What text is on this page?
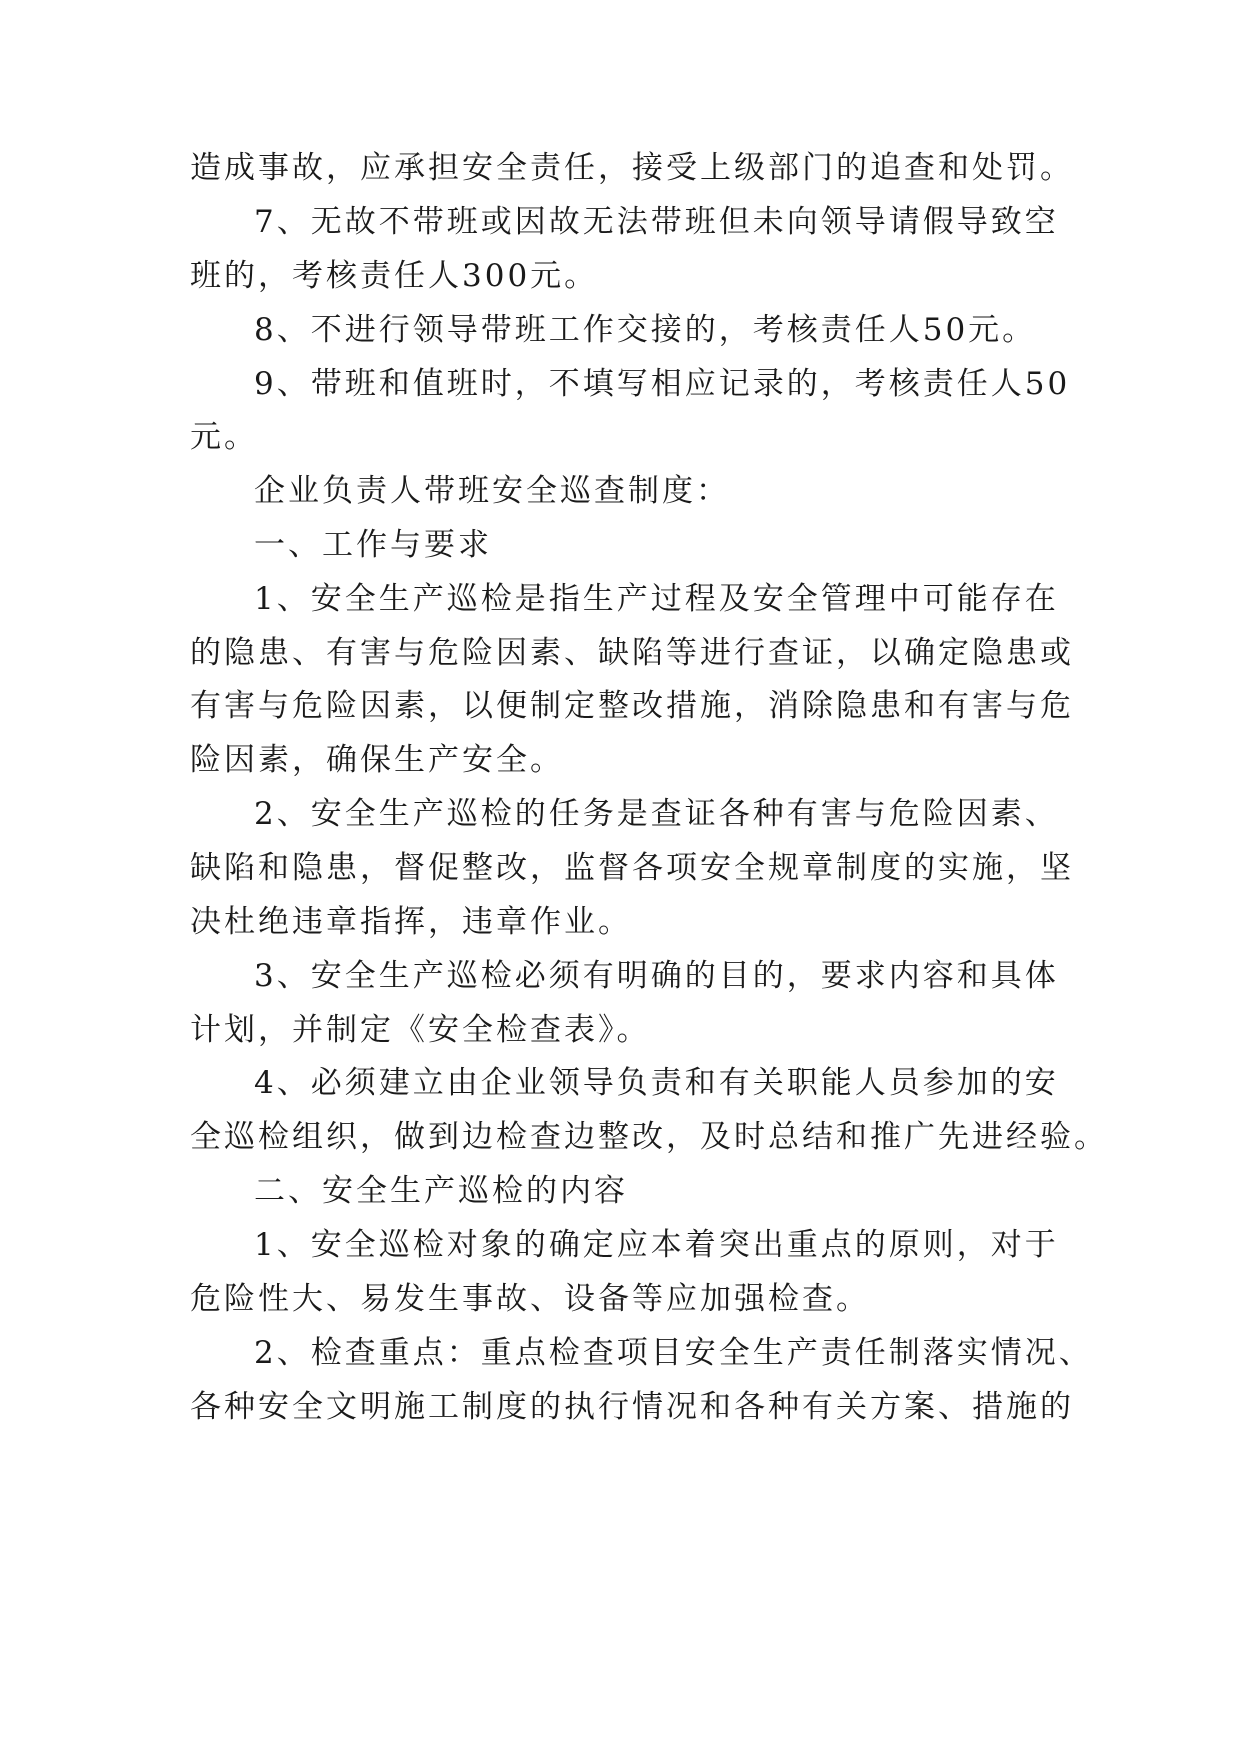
造成事故，应承担安全责任，接受上级部门的追查和处罚。
7、无故不带班或因故无法带班但未向领导请假导致空
班的，考核责任人300元。
8、不进行领导带班工作交接的，考核责任人50元。
9、带班和值班时，不填写相应记录的，考核责任人50
元。
企业负责人带班安全巡查制度：
一、工作与要求
1、安全生产巡检是指生产过程及安全管理中可能存在
的隐患、有害与危险因素、缺陷等进行查证，以确定隐患或
有害与危险因素，以便制定整改措施，消除隐患和有害与危
险因素，确保生产安全。
2、安全生产巡检的任务是查证各种有害与危险因素、
缺陷和隐患，督促整改，监督各项安全规章制度的实施，坚
决杜绝违章指挥，违章作业。
3、安全生产巡检必须有明确的目的，要求内容和具体
计划，并制定《安全检查表》。
4、必须建立由企业领导负责和有关职能人员参加的安
全巡检组织，做到边检查边整改，及时总结和推广先进经验。
二、安全生产巡检的内容
1、安全巡检对象的确定应本着突出重点的原则，对于
危险性大、易发生事故、设备等应加强检查。
2、检查重点：重点检查项目安全生产责任制落实情况、
各种安全文明施工制度的执行情况和各种有关方案、措施的
